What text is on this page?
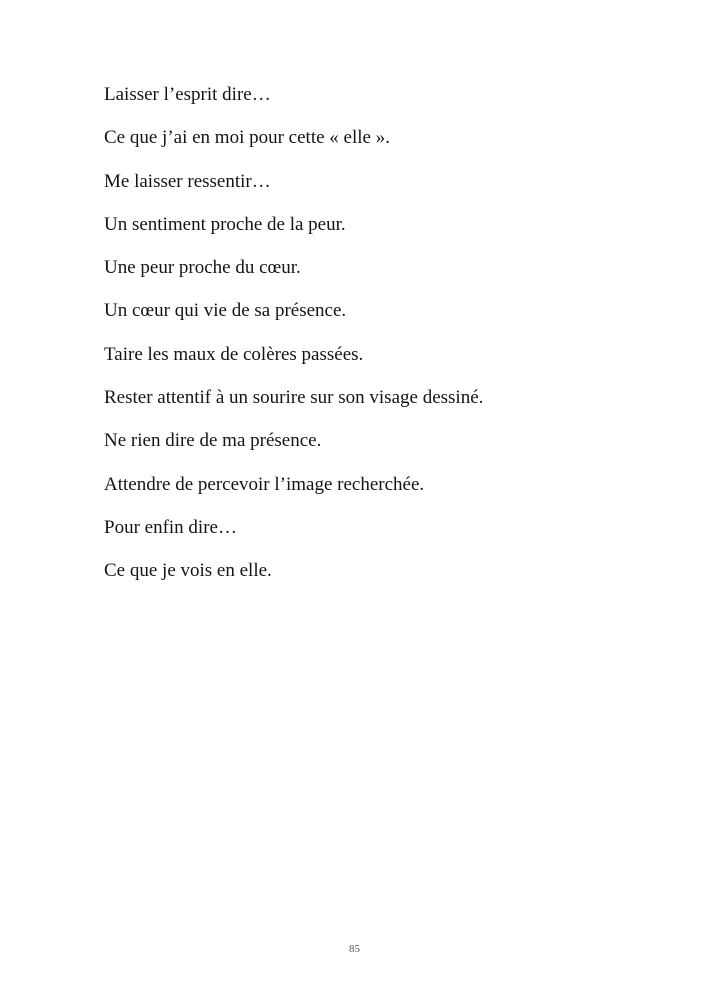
Laisser l’esprit dire…
Ce que j’ai en moi pour cette « elle ».
Me laisser ressentir…
Un sentiment proche de la peur.
Une peur proche du cœur.
Un cœur qui vie de sa présence.
Taire les maux de colères passées.
Rester attentif à un sourire sur son visage dessiné.
Ne rien dire de ma présence.
Attendre de percevoir l’image recherchée.
Pour enfin dire…
Ce que je vois en elle.
85
